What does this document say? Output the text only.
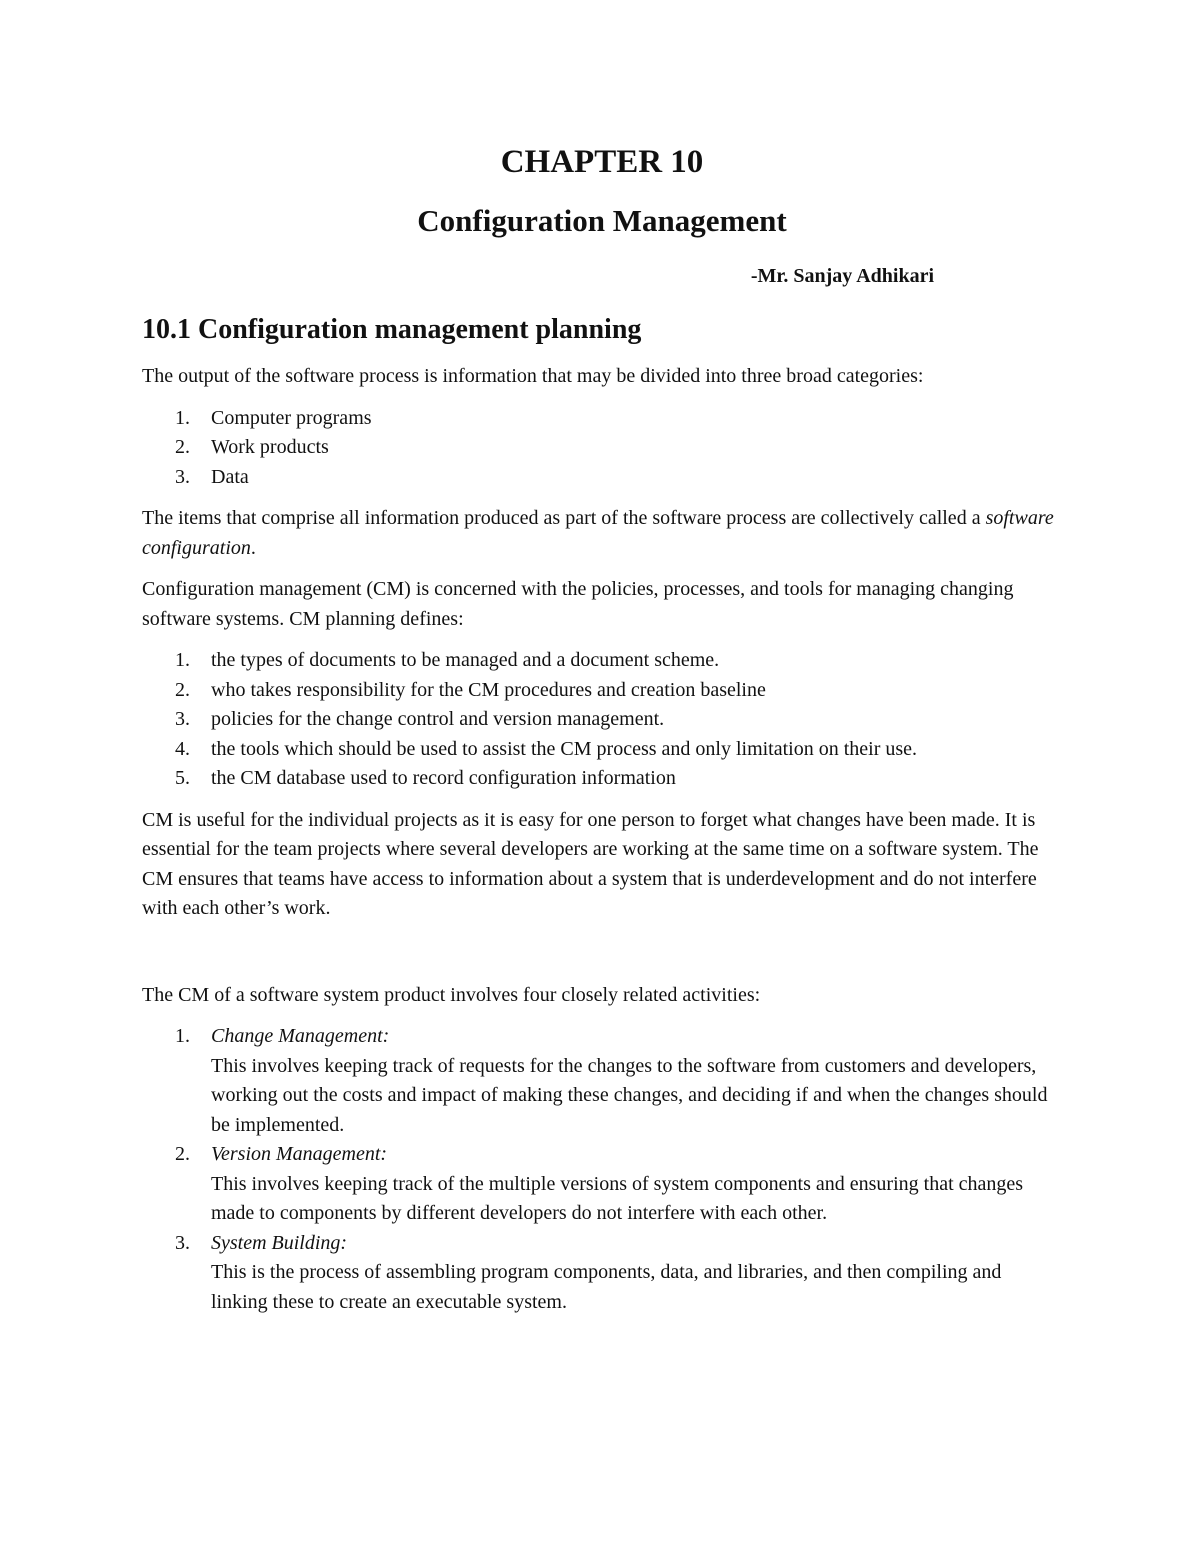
CHAPTER 10
Configuration Management
-Mr. Sanjay Adhikari
10.1 Configuration management planning

The output of the software process is information that may be divided into three broad categories:

1. Computer programs
2. Work products
3. Data

The items that comprise all information produced as part of the software process are collectively called a software configuration.

Configuration management (CM) is concerned with the policies, processes, and tools for managing changing software systems. CM planning defines:

1. the types of documents to be managed and a document scheme.
2. who takes responsibility for the CM procedures and creation baseline
3. policies for the change control and version management.
4. the tools which should be used to assist the CM process and only limitation on their use.
5. the CM database used to record configuration information

CM is useful for the individual projects as it is easy for one person to forget what changes have been made. It is essential for the team projects where several developers are working at the same time on a software system. The CM ensures that teams have access to information about a system that is underdevelopment and do not interfere with each other’s work.

The CM of a software system product involves four closely related activities:

1. Change Management:
This involves keeping track of requests for the changes to the software from customers and developers, working out the costs and impact of making these changes, and deciding if and when the changes should be implemented.
2. Version Management:
This involves keeping track of the multiple versions of system components and ensuring that changes made to components by different developers do not interfere with each other.
3. System Building:
This is the process of assembling program components, data, and libraries, and then compiling and linking these to create an executable system.
